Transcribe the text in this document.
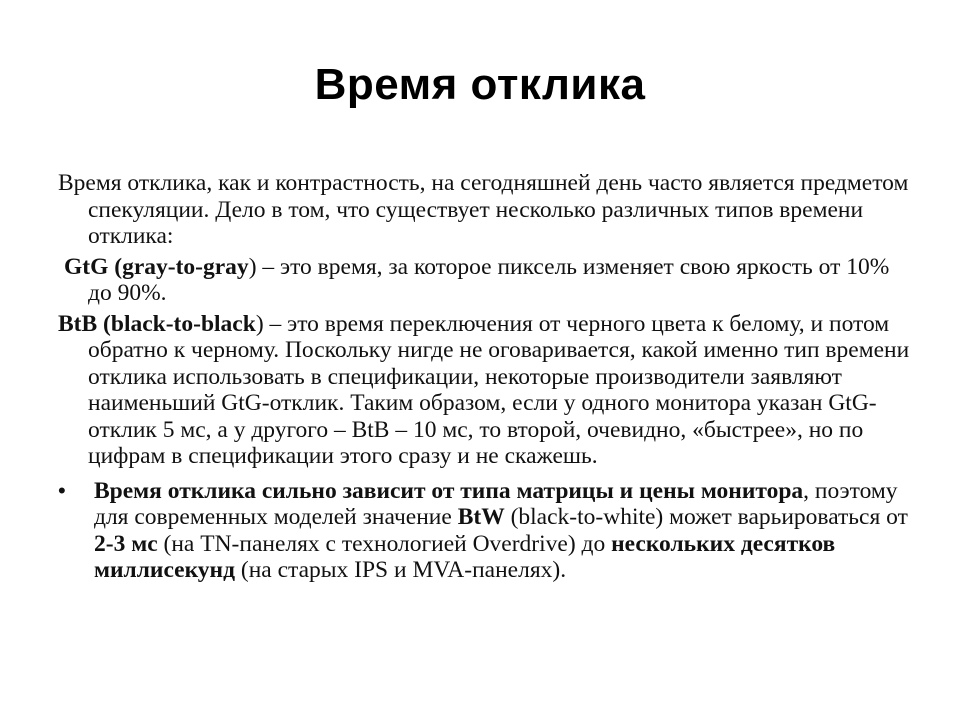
Время отклика

Время отклика, как и контрастность, на сегодняшней день часто является предметом спекуляции. Дело в том, что существует несколько различных типов времени отклика:

GtG (gray-to-gray) – это время, за которое пиксель изменяет свою яркость от 10% до 90%.

BtB (black-to-black) – это время переключения от черного цвета к белому, и потом обратно к черному. Поскольку нигде не оговаривается, какой именно тип времени отклика использовать в спецификации, некоторые производители заявляют наименьший GtG-отклик. Таким образом, если у одного монитора указан GtG-отклик 5 мс, а у другого – BtB – 10 мс, то второй, очевидно, «быстрее», но по цифрам в спецификации этого сразу и не скажешь.

• Время отклика сильно зависит от типа матрицы и цены монитора, поэтому для современных моделей значение BtW (black-to-white) может варьироваться от 2-3 мс (на TN-панелях с технологией Overdrive) до нескольких десятков миллисекунд (на старых IPS и MVA-панелях).
